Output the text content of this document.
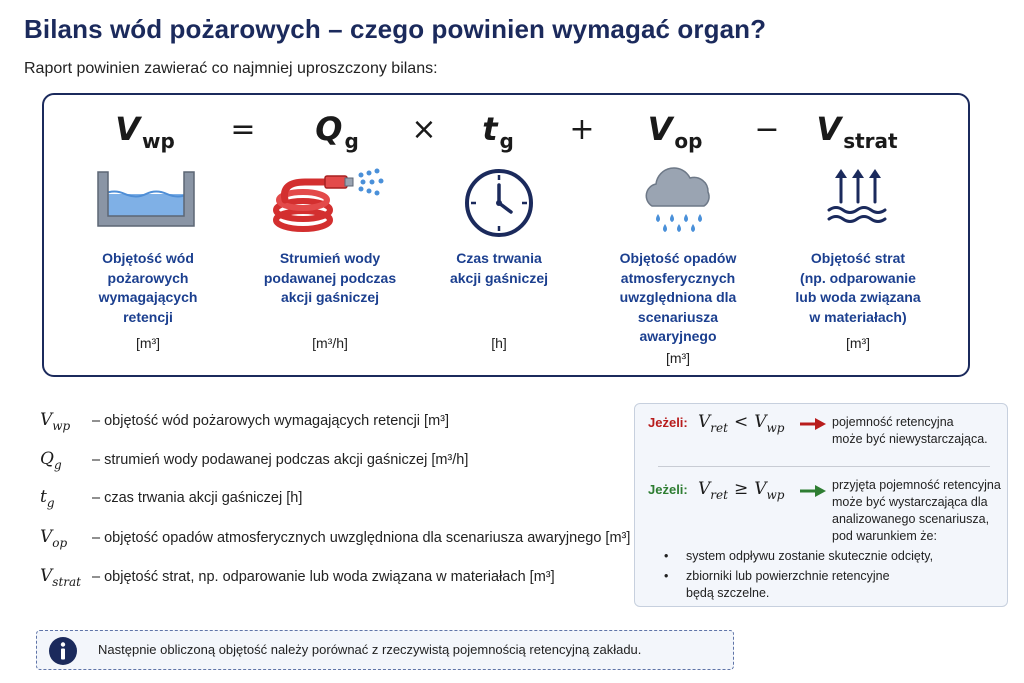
Bilans wód pożarowych – czego powinien wymagać organ?
Raport powinien zawierać co najmniej uproszczony bilans:
V $_{wp}$ = Q $_g$ × t $_g$ + V $_{op}$ − V $_{strat}$
Objętość wód
pożarowych
wymagających
retencji
[m³]
Strumień wody
podawanej podczas
akcji gaśniczej
[m³/h]
Czas trwania
akcji gaśniczej
[h]
Objętość opadów
atmosferycznych
uwzględniona dla
scenariusza
awaryjnego
[m³]
Objętość strat
(np. odparowanie
lub woda związana
w materiałach)
[m³]
$V_{wp}$ – objętość wód pożarowych wymagających retencji [m³]
$Q_g$ – strumień wody podawanej podczas akcji gaśniczej [m³/h]
$t_g$	– czas trwania akcji gaśniczej [h]
$V_{op}$ – objętość opadów atmosferycznych uwzględniona dla scenariusza awaryjnego [m³]
$V_{strat}$ – objętość strat, np. odparowanie lub woda związana w materiałach [m³]
Jeżeli: $V_{ret} < V_{wp}$	pojemność retencyjna
może być niewystarczająca.
Jeżeli: $V_{ret} \ge V_{wp}$
przyjęta pojemność retencyjna
może być wystarczająca dla
analizowanego scenariusza,
pod warunkiem że:
• system odpływu zostanie skutecznie odcięty,
• zbiorniki lub powierzchnie retencyjne
będą szczelne.
Następnie obliczoną objętość należy porównać z rzeczywistą pojemnością retencyjną zakładu.
